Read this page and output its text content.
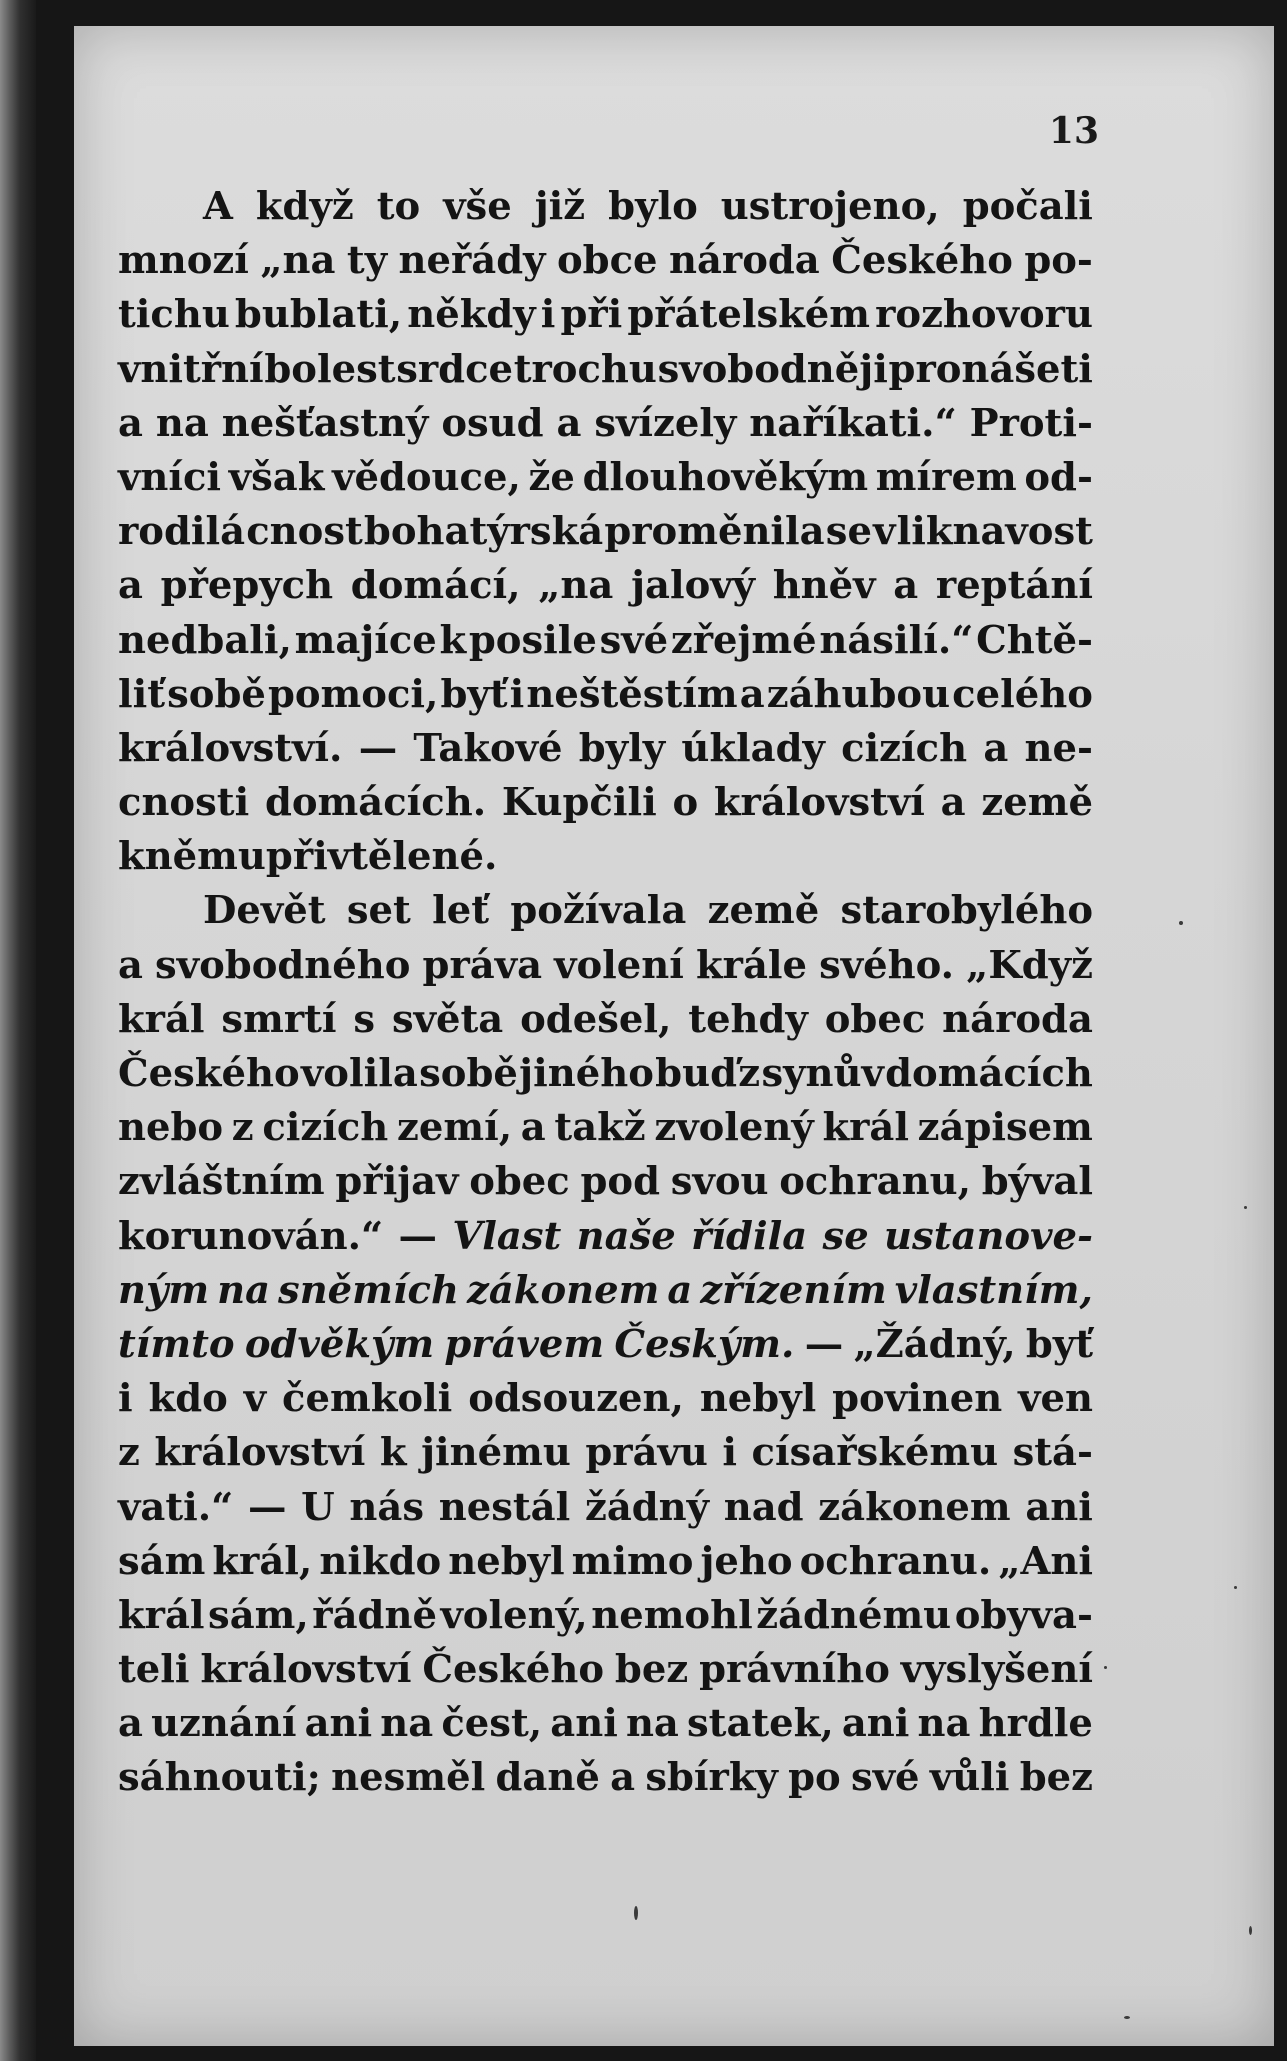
13

A když to vše již bylo ustrojeno, počali
mnozí „na ty neřády obce národa Českého po-
tichu bublati, někdy i při přátelském rozhovoru
vnitřní bolest srdce trochu svobodněji pronášeti
a na nešťastný osud a svízely naříkati.“ Proti-
vníci však vědouce, že dlouhověkým mírem od-
rodilá cnost bohatýrská proměnila se v liknavost
a přepych domácí, „na jalový hněv a reptání
nedbali, majíce k posile své zřejmé násilí.“ Chtě-
liť sobě pomoci, byť i neštěstím a záhubou celého
království. — Takové byly úklady cizích a ne-
cnosti domácích. Kupčili o království a země
k němu přivtělené.
Devět set leť požívala země starobylého
a svobodného práva volení krále svého. „Když
král smrtí s světa odešel, tehdy obec národa
Českého volila sobě jiného buď z synův domácích
nebo z cizích zemí, a takž zvolený král zápisem
zvláštním přijav obec pod svou ochranu, býval
korunován.“ — Vlast naše řídila se ustanove-
ným na sněmích zákonem a zřízením vlastním,
tímto odvěkým právem Českým. — „Žádný, byť
i kdo v čemkoli odsouzen, nebyl povinen ven
z království k jinému právu i císařskému stá-
vati.“ — U nás nestál žádný nad zákonem ani
sám král, nikdo nebyl mimo jeho ochranu. „Ani
král sám, řádně volený, nemohl žádnému obyva-
teli království Českého bez právního vyslyšení
a uznání ani na čest, ani na statek, ani na hrdle
sáhnouti; nesměl daně a sbírky po své vůli bez
